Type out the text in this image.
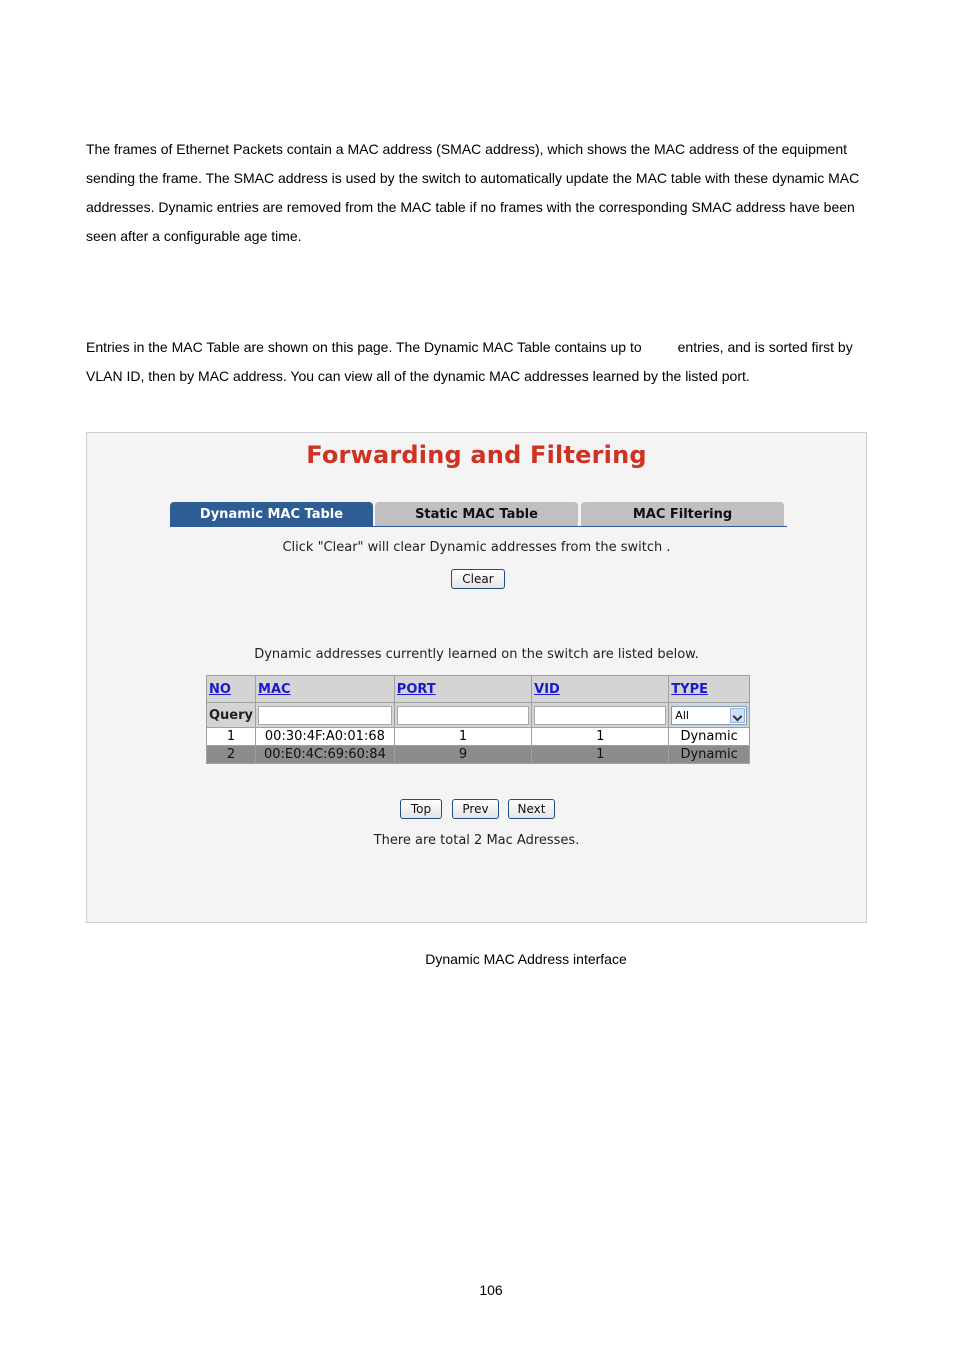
The frames of Ethernet Packets contain a MAC address (SMAC address), which shows the MAC address of the equipment sending the frame. The SMAC address is used by the switch to automatically update the MAC table with these dynamic MAC addresses. Dynamic entries are removed from the MAC table if no frames with the corresponding SMAC address have been seen after a configurable age time.

Entries in the MAC Table are shown on this page. The Dynamic MAC Table contains up to	entries, and is sorted first by VLAN ID, then by MAC address. You can view all of the dynamic MAC addresses learned by the listed port.

Forwarding and Filtering
Dynamic MAC Table	Static MAC Table	MAC Filtering
Click "Clear" will clear Dynamic addresses from the switch .
Clear
Dynamic addresses currently learned on the switch are listed below.
NO	MAC	PORT	VID	TYPE
Query				All

1	00:30:4F:A0:01:68	1	1	Dynamic
2	00:E0:4C:69:60:84	9	1	Dynamic
Top	Prev	Next
There are total 2 Mac Adresses.
Dynamic MAC Address interface
106
